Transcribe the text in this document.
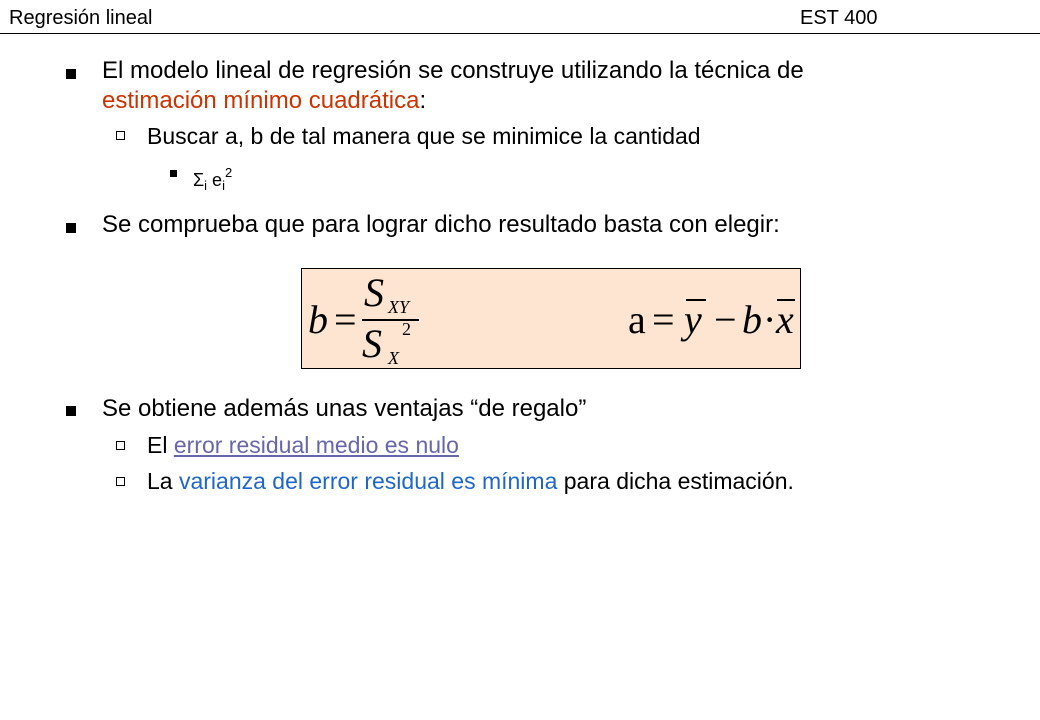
Regresión lineal	EST 400
El modelo lineal de regresión se construye utilizando la técnica de
estimación mínimo cuadrática:
Buscar a, b de tal manera que se minimice la cantidad
$\Sigma_i$ $e_i^2$
Se comprueba que para lograr dicho resultado basta con elegir:
b =
S XY
S X
2	a = y − b · x
Se obtiene además unas ventajas “de regalo”
El error residual medio es nulo
La varianza del error residual es mínima para dicha estimación.
